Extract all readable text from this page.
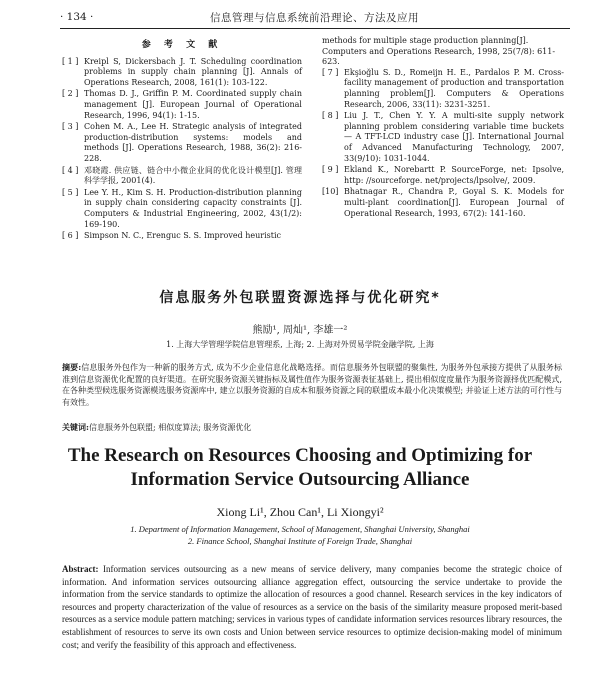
· 134 ·	信息管理与信息系统前沿理论、方法及应用
参 考 文 献
[ 1 ] Kreipl S, Dickersbach J. T. Scheduling coordination problems in supply chain planning [J]. Annals of Operations Research, 2008, 161(1): 103-122.
[ 2 ] Thomas D. J., Griffin P. M. Coordinated supply chain management [J]. European Journal of Operational Research, 1996, 94(1): 1-15.
[ 3 ] Cohen M. A., Lee H. Strategic analysis of integrated production-distribution systems: models and methods [J]. Operations Research, 1988, 36(2): 216-228.
[ 4 ] 邓晓霞. 供应链、链合中小微企业间的优化设计模型[J]. 管理科学学报, 2001(4).
[ 5 ] Lee Y. H., Kim S. H. Production-distribution planning in supply chain considering capacity constraints [J]. Computers & Industrial Engineering, 2002, 43(1/2): 169-190.
[ 6 ] Simpson N. C., Erenguc S. S. Improved heuristic
methods for multiple stage production planning[J]. Computers and Operations Research, 1998, 25(7/8): 611-623.
[ 7 ] Ekşioğlu S. D., Romeijn H. E., Pardalos P. M. Cross-facility management of production and transportation planning problem[J]. Computers & Operations Research, 2006, 33(11): 3231-3251.
[ 8 ] Liu J. T., Chen Y. Y. A multi-site supply network planning problem considering variable time buckets — A TFT-LCD industry case [J]. International Journal of Advanced Manufacturing Technology, 2007, 33(9/10): 1031-1044.
[ 9 ] Ekland K., Norebartt P. SourceForge, net: Ipsolve, http: //sourceforge. net/projects/lpsolve/, 2009.
[10] Bhatnagar R., Chandra P., Goyal S. K. Models for multi-plant coordination[J]. European Journal of Operational Research, 1993, 67(2): 141-160.
信息服务外包联盟资源选择与优化研究*
熊励¹, 周灿¹, 李雄一²
1. 上海大学管理学院信息管理系, 上海; 2. 上海对外贸易学院金融学院, 上海
摘要:信息服务外包作为一种新的服务方式, 成为不少企业信息化战略选择。而信息服务外包联盟的聚集性, 为服务外包承接方提供了从服务标准到信息资源优化配置的良好渠道。在研究服务资源关键指标及属性值作为服务资源表征基础上, 提出相似度度量作为服务资源择优匹配模式, 在各种类型候选服务资源模选服务资源库中, 建立以服务资源的自成本和服务资源之间的联盟成本最小化决策模型; 并验证上述方法的可行性与有效性。
关键词:信息服务外包联盟; 相似度算法; 服务资源优化
The Research on Resources Choosing and Optimizing for Information Service Outsourcing Alliance
Xiong Li¹, Zhou Can¹, Li Xiongyi²
1. Department of Information Management, School of Management, Shanghai University, Shanghai
2. Finance School, Shanghai Institute of Foreign Trade, Shanghai
Abstract: Information services outsourcing as a new means of service delivery, many companies become the strategic choice of information. And information services outsourcing alliance aggregation effect, outsourcing the service undertake to provide the information from the service standards to optimize the allocation of resources a good channel. Research services in the key indicators of resources and property characterization of the value of resources as a service on the basis of the similarity measure proposed merit-based resources as a service module pattern matching; services in various types of candidate information services resources library resources, the establishment of resources to serve its own costs and Union between service resources to optimize decision-making model of minimum cost; and verify the feasibility of this approach and effectiveness.
